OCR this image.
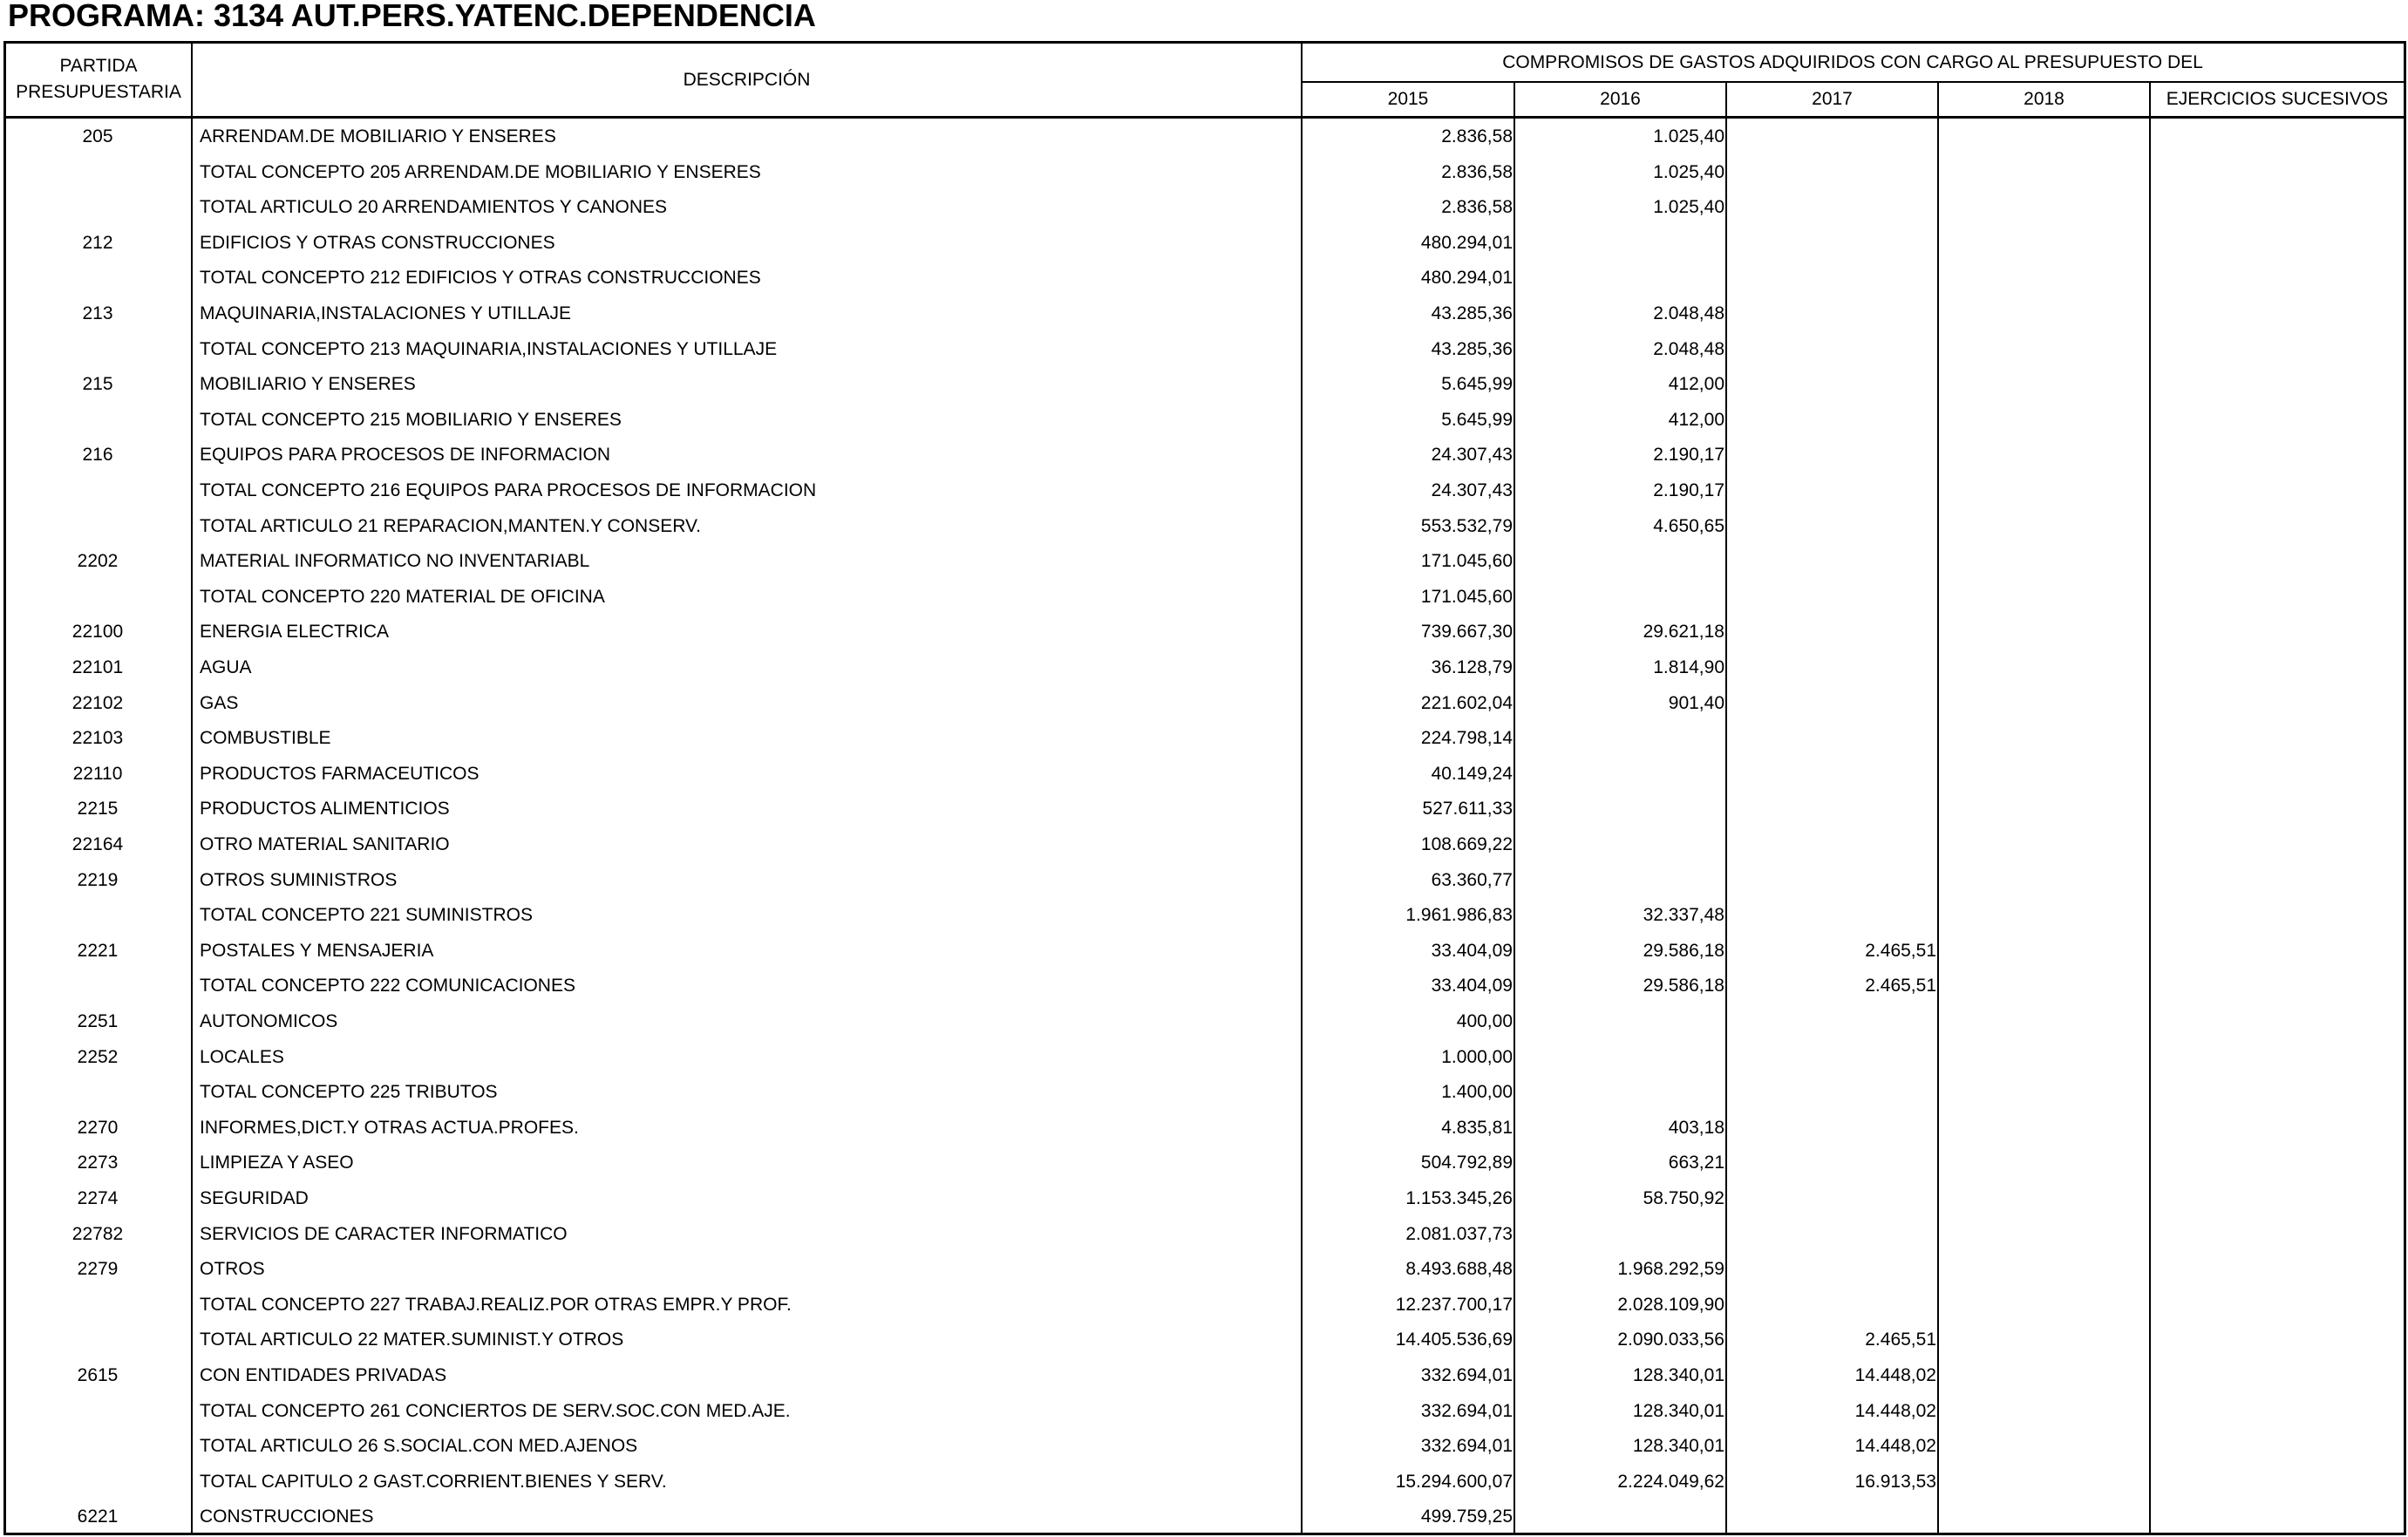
PROGRAMA: 3134 AUT.PERS.YATENC.DEPENDENCIA
PARTIDA
PRESUPUESTARIA
DESCRIPCIÓN
COMPROMISOS DE GASTOS ADQUIRIDOS CON CARGO AL PRESUPUESTO DEL
2015	2016	2017	2018	EJERCICIOS SUCESIVOS
205	ARRENDAM.DE MOBILIARIO Y ENSERES	2.836,58	1.025,40
TOTAL CONCEPTO 205 ARRENDAM.DE MOBILIARIO Y ENSERES	2.836,58	1.025,40
TOTAL ARTICULO 20 ARRENDAMIENTOS Y CANONES	2.836,58	1.025,40
212	EDIFICIOS Y OTRAS CONSTRUCCIONES	480.294,01
TOTAL CONCEPTO 212 EDIFICIOS Y OTRAS CONSTRUCCIONES	480.294,01
213	MAQUINARIA,INSTALACIONES Y UTILLAJE	43.285,36	2.048,48
TOTAL CONCEPTO 213 MAQUINARIA,INSTALACIONES Y UTILLAJE	43.285,36	2.048,48
215	MOBILIARIO Y ENSERES	5.645,99	412,00
TOTAL CONCEPTO 215 MOBILIARIO Y ENSERES	5.645,99	412,00
216	EQUIPOS PARA PROCESOS DE INFORMACION	24.307,43	2.190,17
TOTAL CONCEPTO 216 EQUIPOS PARA PROCESOS DE INFORMACION	24.307,43	2.190,17
TOTAL ARTICULO 21 REPARACION,MANTEN.Y CONSERV.	553.532,79	4.650,65
2202	MATERIAL INFORMATICO NO INVENTARIABL	171.045,60
TOTAL CONCEPTO 220 MATERIAL DE OFICINA	171.045,60
22100	ENERGIA ELECTRICA	739.667,30	29.621,18
22101	AGUA	36.128,79	1.814,90
22102	GAS	221.602,04	901,40
22103	COMBUSTIBLE	224.798,14
22110	PRODUCTOS FARMACEUTICOS	40.149,24
2215	PRODUCTOS ALIMENTICIOS	527.611,33
22164	OTRO MATERIAL SANITARIO	108.669,22
2219	OTROS SUMINISTROS	63.360,77
TOTAL CONCEPTO 221 SUMINISTROS	1.961.986,83	32.337,48
2221	POSTALES Y MENSAJERIA	33.404,09	29.586,18	2.465,51
TOTAL CONCEPTO 222 COMUNICACIONES	33.404,09	29.586,18	2.465,51
2251	AUTONOMICOS	400,00
2252	LOCALES	1.000,00
TOTAL CONCEPTO 225 TRIBUTOS	1.400,00
2270	INFORMES,DICT.Y OTRAS ACTUA.PROFES.	4.835,81	403,18
2273	LIMPIEZA Y ASEO	504.792,89	663,21
2274	SEGURIDAD	1.153.345,26	58.750,92
22782	SERVICIOS DE CARACTER INFORMATICO	2.081.037,73
2279	OTROS	8.493.688,48	1.968.292,59
TOTAL CONCEPTO 227 TRABAJ.REALIZ.POR OTRAS EMPR.Y PROF.	12.237.700,17	2.028.109,90
TOTAL ARTICULO 22 MATER.SUMINIST.Y OTROS	14.405.536,69	2.090.033,56	2.465,51
2615	CON ENTIDADES PRIVADAS	332.694,01	128.340,01	14.448,02
TOTAL CONCEPTO 261 CONCIERTOS DE SERV.SOC.CON MED.AJE.	332.694,01	128.340,01	14.448,02
TOTAL ARTICULO 26 S.SOCIAL.CON MED.AJENOS	332.694,01	128.340,01	14.448,02
TOTAL CAPITULO 2 GAST.CORRIENT.BIENES Y SERV.	15.294.600,07	2.224.049,62	16.913,53
6221	CONSTRUCCIONES	499.759,25
